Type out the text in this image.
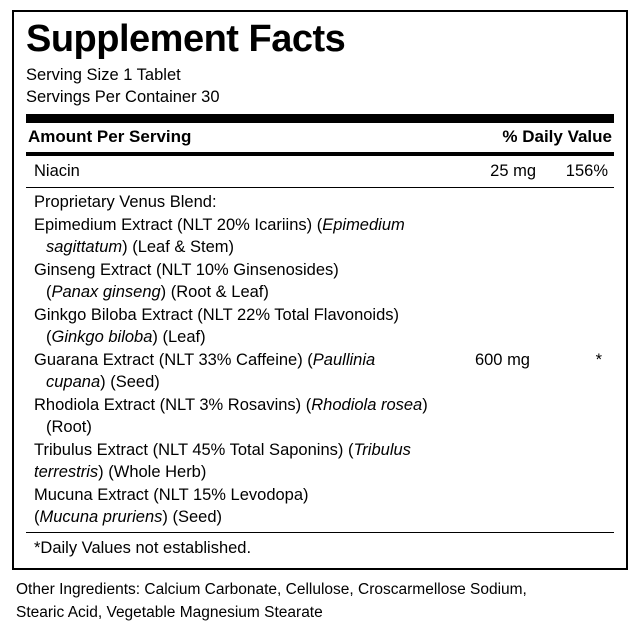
Supplement Facts
Serving Size 1 Tablet
Servings Per Container 30
Amount Per Serving	% Daily Value
Niacin	25 mg	156%
Proprietary Venus Blend:
Epimedium Extract (NLT 20% Icariins) (Epimedium
sagittatum) (Leaf & Stem)
Ginseng Extract (NLT 10% Ginsenosides)
(Panax ginseng) (Root & Leaf)
Ginkgo Biloba Extract (NLT 22% Total Flavonoids)
(Ginkgo biloba) (Leaf)
Guarana Extract (NLT 33% Caffeine) (Paullinia
cupana) (Seed)
Rhodiola Extract (NLT 3% Rosavins) (Rhodiola rosea)
(Root)
Tribulus Extract (NLT 45% Total Saponins) (Tribulus
terrestris) (Whole Herb)
Mucuna Extract (NLT 15% Levodopa)
(Mucuna pruriens) (Seed)
600 mg	*
*Daily Values not established.
Other Ingredients: Calcium Carbonate, Cellulose, Croscarmellose Sodium,
Stearic Acid, Vegetable Magnesium Stearate
